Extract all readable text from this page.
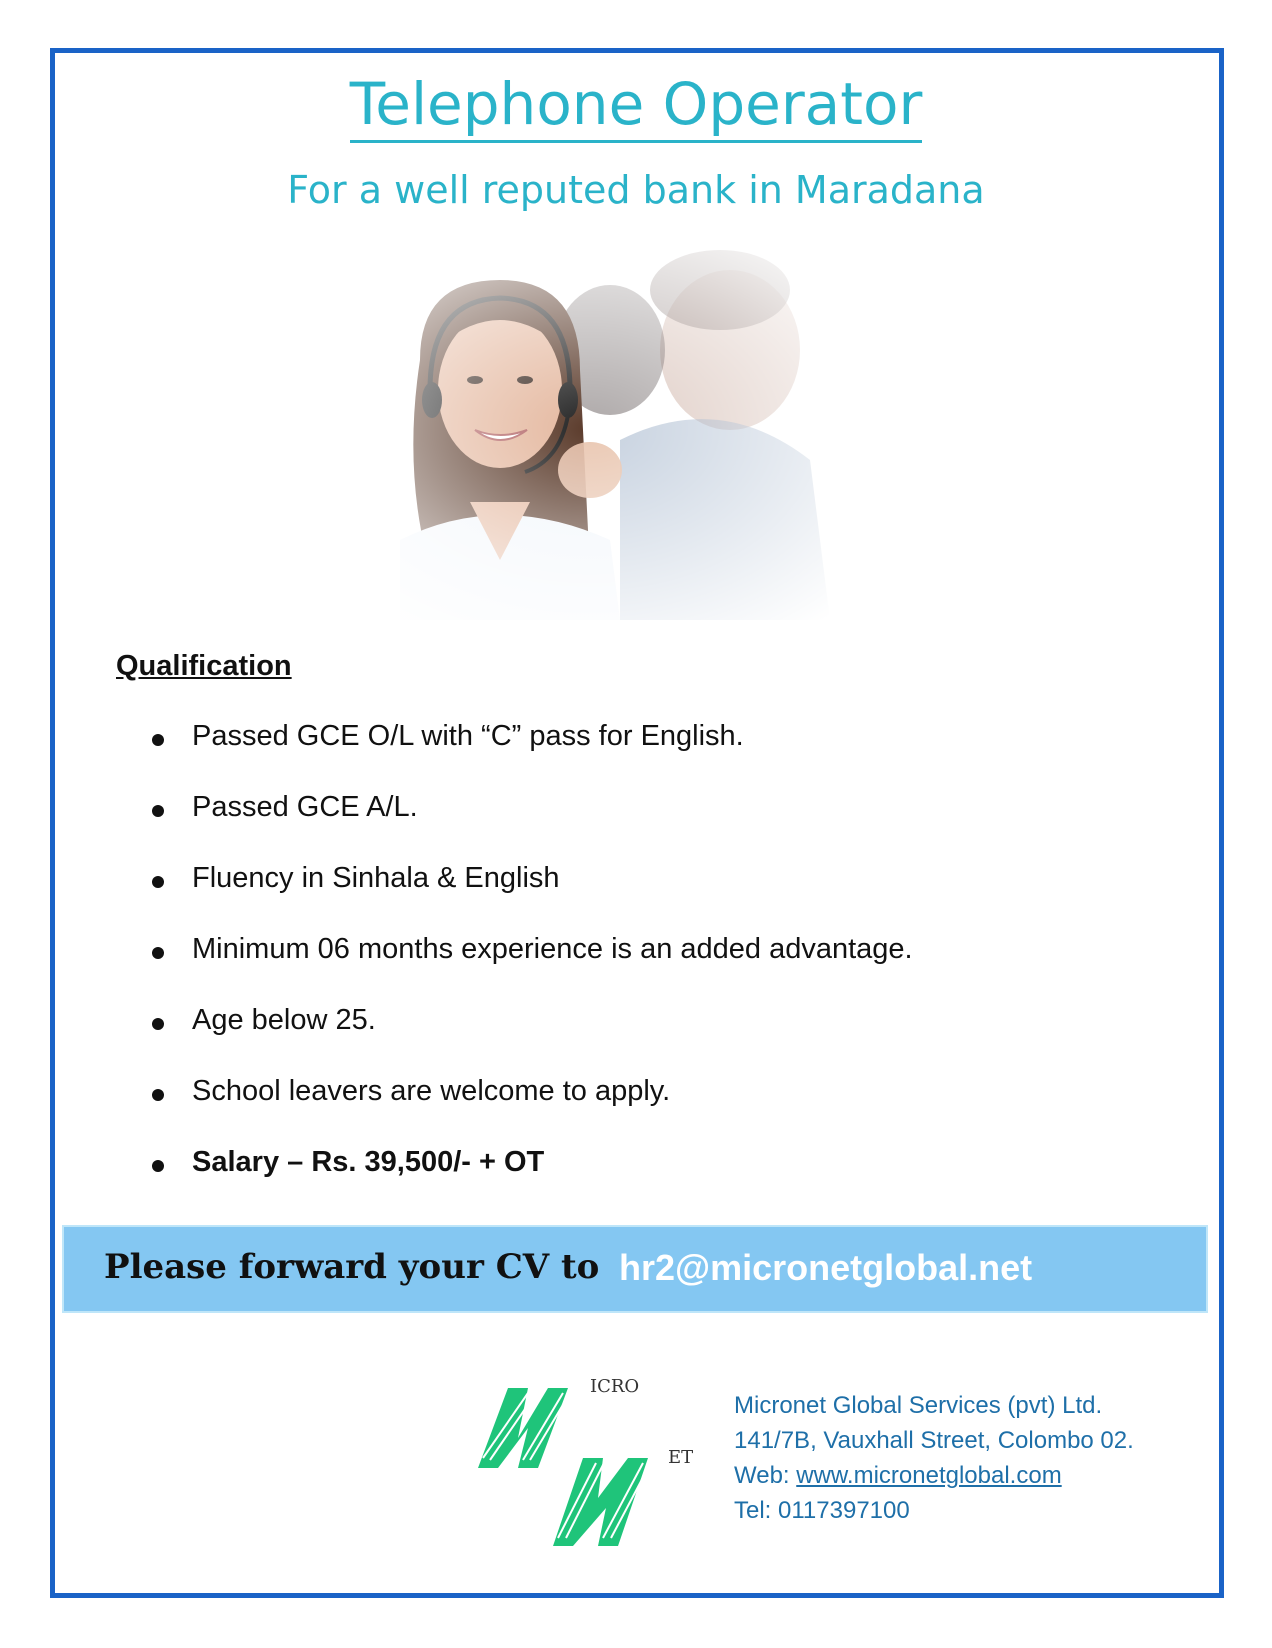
Telephone Operator
For a well reputed bank in Maradana
Qualification
Passed GCE O/L with “C” pass for English.
Passed GCE A/L.
Fluency in Sinhala & English
Minimum 06 months experience is an added advantage.
Age below 25.
School leavers are welcome to apply.
Salary – Rs. 39,500/- + OT
Please forward your CV to hr2@micronetglobal.net
ICRO
ET
Micronet Global Services (pvt) Ltd.
141/7B, Vauxhall Street, Colombo 02.
Web: www.micronetglobal.com
Tel: 0117397100
